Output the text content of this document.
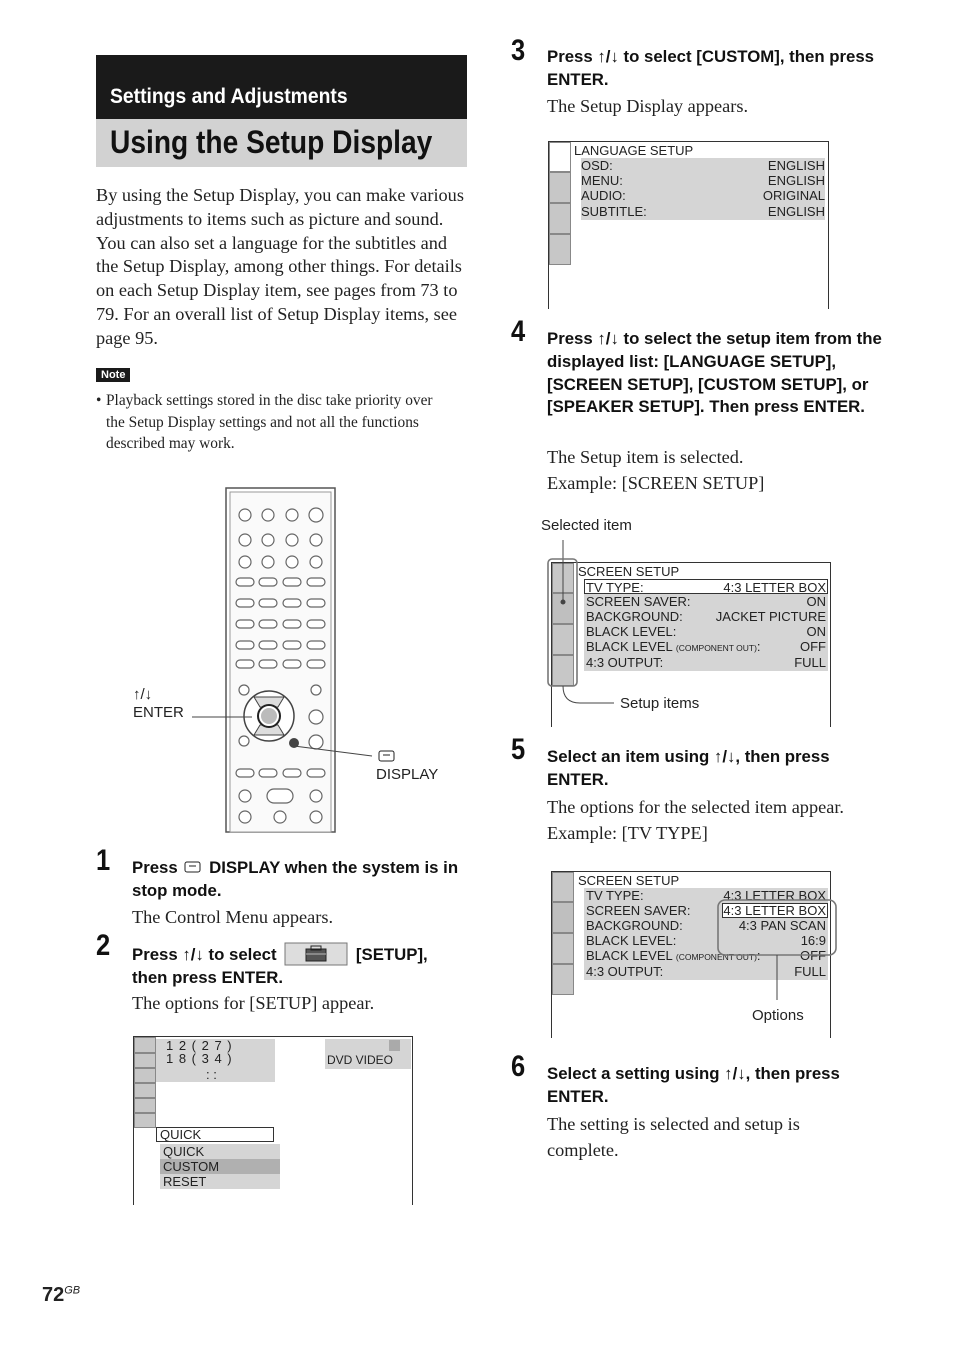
Settings and Adjustments
Using the Setup Display
By using the Setup Display, you can make various adjustments to items such as picture and sound. You can also set a language for the subtitles and the Setup Display, among other things. For details on each Setup Display item, see pages from 73 to 79. For an overall list of Setup Display items, see page 95.
Note
• Playback settings stored in the disc take priority over
the Setup Display settings and not all the functions
described may work.
↑/↓
ENTER
DISPLAY
1 Press DISPLAY when the system is in stop mode.
The Control Menu appears.
2 Press ↑/↓ to select	[SETUP],
then press ENTER.
The options for [SETUP] appear.
1 2 ( 2 7 )
1 8 ( 3 4 )
: :
DVD VIDEO
QUICK
QUICK
CUSTOM
RESET
3 Press ↑/↓ to select [CUSTOM], then press ENTER.
The Setup Display appears.
LANGUAGE SETUP
OSD:	ENGLISH
MENU:	ENGLISH
AUDIO:	ORIGINAL
SUBTITLE:	ENGLISH
4 Press ↑/↓ to select the setup item from the displayed list: [LANGUAGE SETUP], [SCREEN SETUP], [CUSTOM SETUP], or [SPEAKER SETUP]. Then press ENTER.
The Setup item is selected.
Example: [SCREEN SETUP]
Selected item
SCREEN SETUP
TV TYPE:	4:3 LETTER BOX
SCREEN SAVER:	ON
BACKGROUND:	JACKET PICTURE
BLACK LEVEL:	ON
BLACK LEVEL (COMPONENT OUT):	OFF
4:3 OUTPUT:	FULL
Setup items
5 Select an item using ↑/↓, then press ENTER.
The options for the selected item appear.
Example: [TV TYPE]
SCREEN SETUP
TV TYPE:	4:3 LETTER BOX
SCREEN SAVER:
BACKGROUND:
BLACK LEVEL:
BLACK LEVEL (COMPONENT OUT):	OFF
4:3 OUTPUT:	FULL
4:3 LETTER BOX
4:3 PAN SCAN
16:9
Options
6 Select a setting using ↑/↓, then press ENTER.
The setting is selected and setup is complete.
$72^{GB}$
